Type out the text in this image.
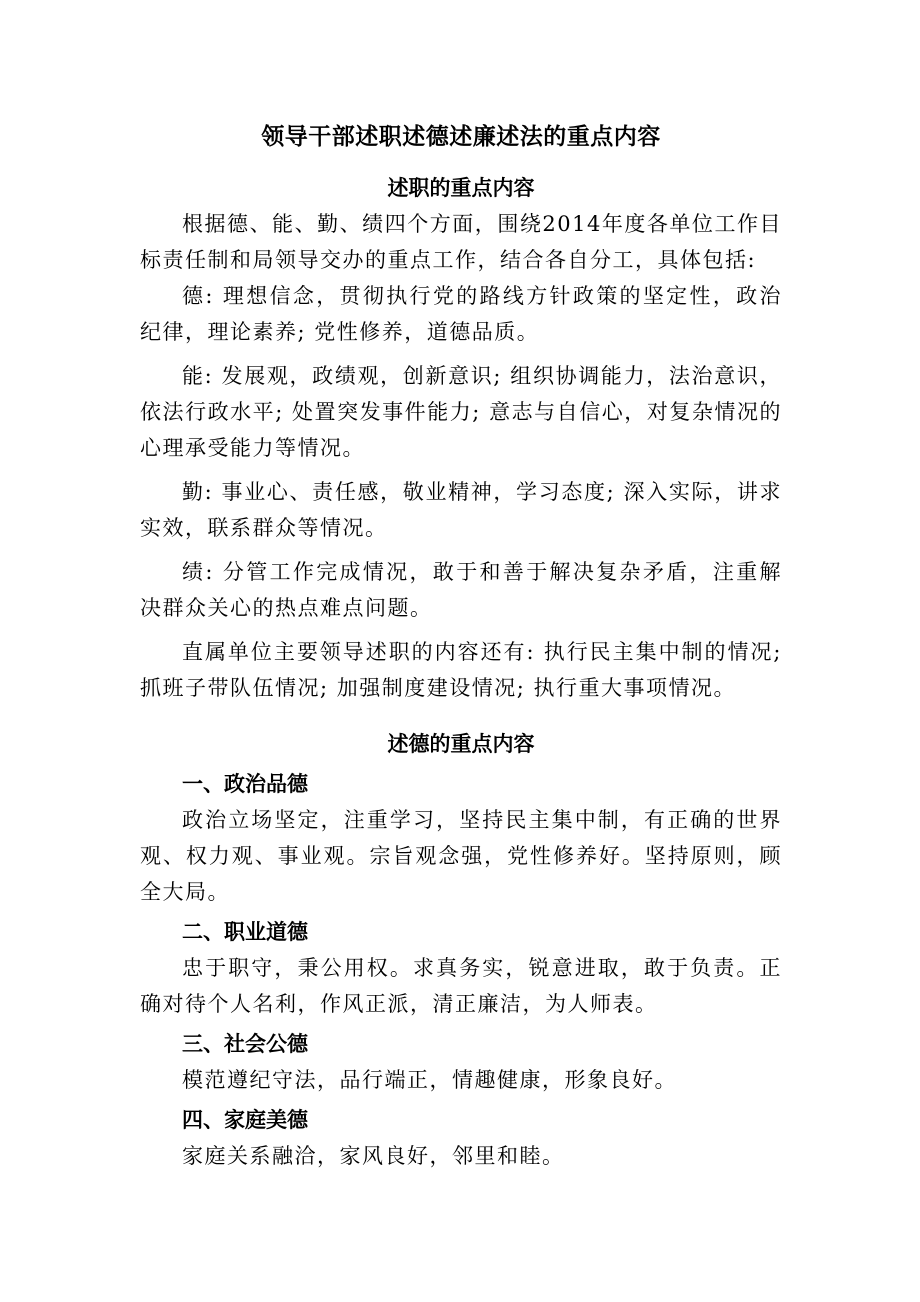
领导干部述职述德述廉述法的重点内容
述职的重点内容

根据德、能、勤、绩四个方面，围绕2014年度各单位工作目标责任制和局领导交办的重点工作，结合各自分工，具体包括:

德: 理想信念，贯彻执行党的路线方针政策的坚定性，政治纪律，理论素养; 党性修养，道德品质。

能: 发展观，政绩观，创新意识; 组织协调能力，法治意识，依法行政水平; 处置突发事件能力; 意志与自信心，对复杂情况的心理承受能力等情况。

勤: 事业心、责任感，敬业精神，学习态度; 深入实际，讲求实效，联系群众等情况。

绩: 分管工作完成情况，敢于和善于解决复杂矛盾，注重解决群众关心的热点难点问题。

直属单位主要领导述职的内容还有: 执行民主集中制的情况; 抓班子带队伍情况; 加强制度建设情况; 执行重大事项情况。

述德的重点内容
一、政治品德

政治立场坚定，注重学习，坚持民主集中制，有正确的世界观、权力观、事业观。宗旨观念强，党性修养好。坚持原则，顾全大局。

二、职业道德

忠于职守，秉公用权。求真务实，锐意进取，敢于负责。正确对待个人名利，作风正派，清正廉洁，为人师表。

三、社会公德

模范遵纪守法，品行端正，情趣健康，形象良好。

四、家庭美德

家庭关系融洽，家风良好，邻里和睦。
